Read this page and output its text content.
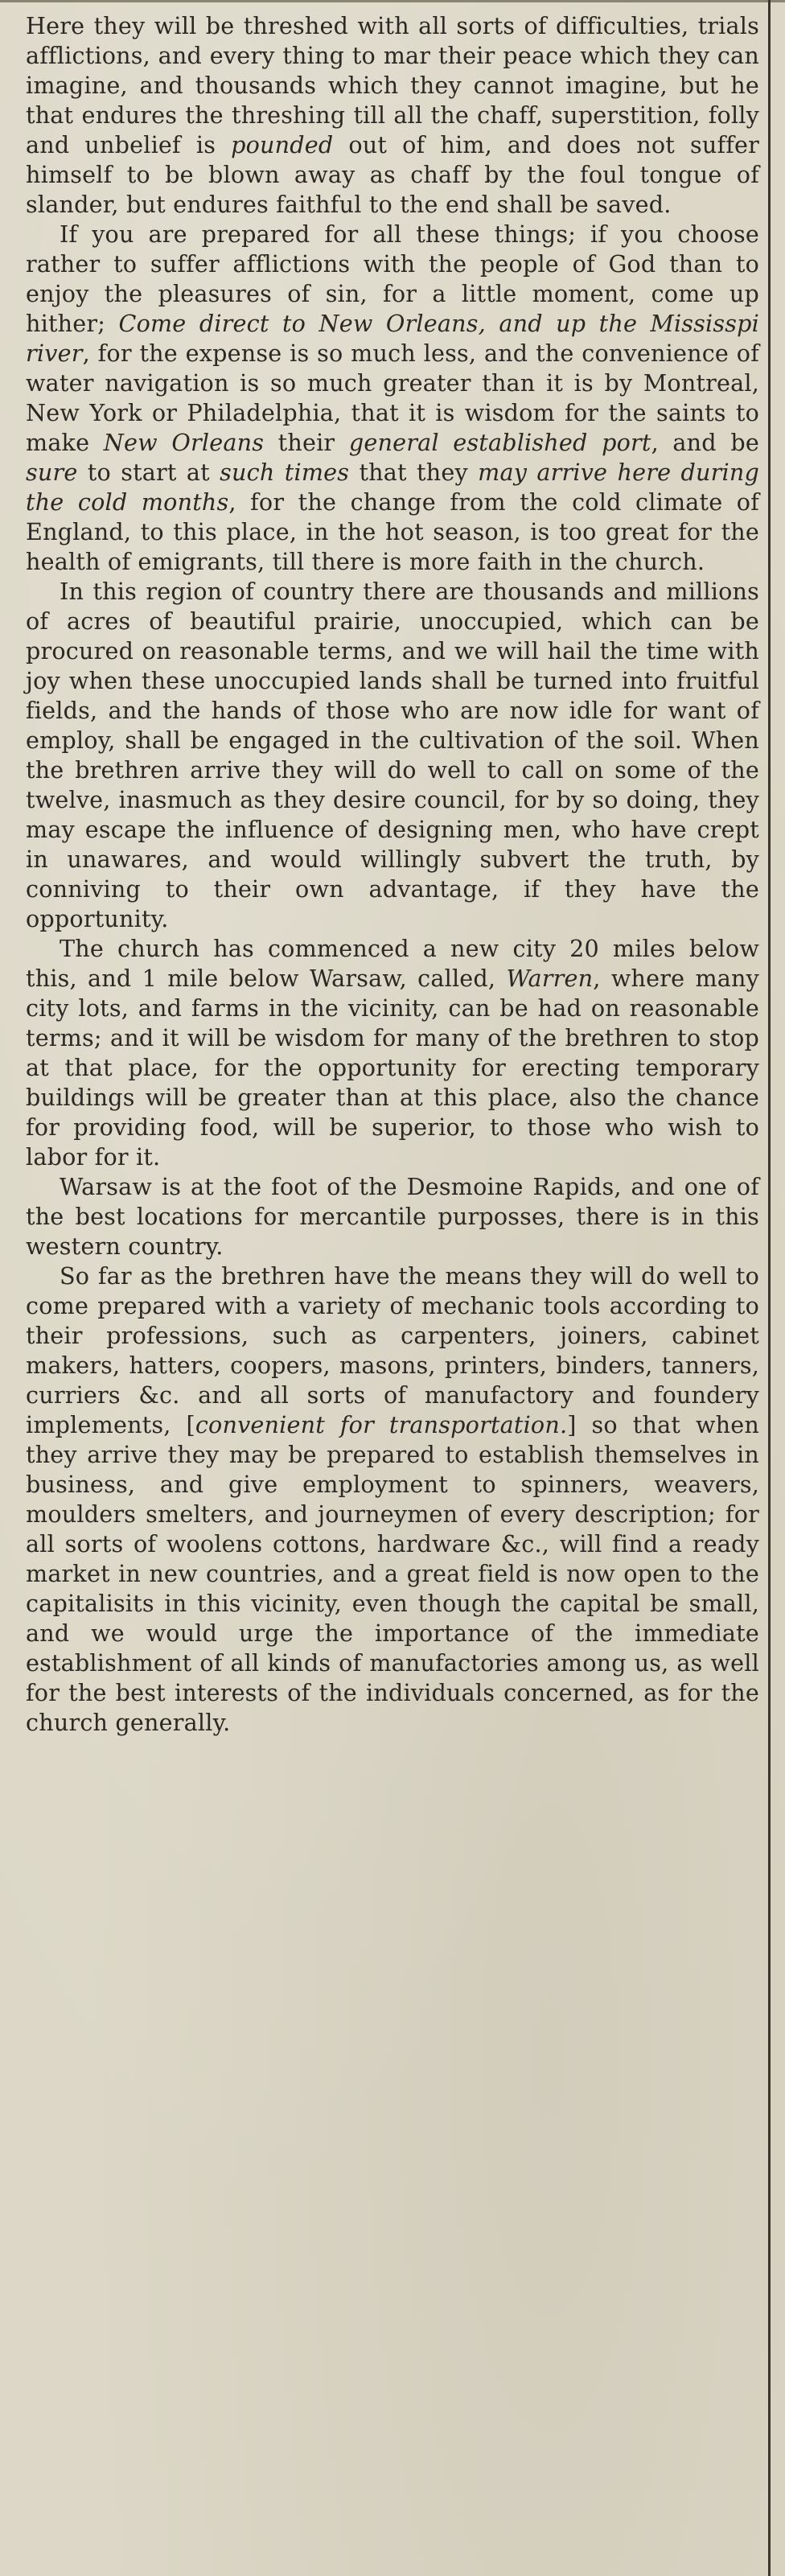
Here they will be threshed with all sorts of difficulties, trials afflictions, and every thing to mar their peace which they can imagine, and thousands which they cannot imagine, but he that endures the threshing till all the chaff, superstition, folly and unbelief is pounded out of him, and does not suffer himself to be blown away as chaff by the foul tongue of slander, but endures faithful to the end shall be saved.

If you are prepared for all these things; if you choose rather to suffer afflictions with the people of God than to enjoy the pleasures of sin, for a little moment, come up hither; Come direct to New Orleans, and up the Mississpi river, for the expense is so much less, and the convenience of water navigation is so much greater than it is by Montreal, New York or Philadelphia, that it is wisdom for the saints to make New Orleans their general established port, and be sure to start at such times that they may arrive here during the cold months, for the change from the cold climate of England, to this place, in the hot season, is too great for the health of emigrants, till there is more faith in the church.

In this region of country there are thousands and millions of acres of beautiful prairie, unoccupied, which can be procured on reasonable terms, and we will hail the time with joy when these unoccupied lands shall be turned into fruitful fields, and the hands of those who are now idle for want of employ, shall be engaged in the cultivation of the soil. When the brethren arrive they will do well to call on some of the twelve, inasmuch as they desire council, for by so doing, they may escape the influence of designing men, who have crept in unawares, and would willingly subvert the truth, by conniving to their own advantage, if they have the opportunity.

The church has commenced a new city 20 miles below this, and 1 mile below Warsaw, called, Warren, where many city lots, and farms in the vicinity, can be had on reasonable terms; and it will be wisdom for many of the brethren to stop at that place, for the opportunity for erecting temporary buildings will be greater than at this place, also the chance for providing food, will be superior, to those who wish to labor for it.

Warsaw is at the foot of the Desmoine Rapids, and one of the best locations for mercantile purposses, there is in this western country.

So far as the brethren have the means they will do well to come prepared with a variety of mechanic tools according to their professions, such as carpenters, joiners, cabinet makers, hatters, coopers, masons, printers, binders, tanners, curriers &c. and all sorts of manufactory and foundery implements, [convenient for transportation.] so that when they arrive they may be prepared to establish themselves in business, and give employment to spinners, weavers, moulders smelters, and journeymen of every description; for all sorts of woolens cottons, hardware &c., will find a ready market in new countries, and a great field is now open to the capitalisits in this vicinity, even though the capital be small, and we would urge the importance of the immediate establishment of all kinds of manufactories among us, as well for the best interests of the individuals concerned, as for the church generally.
